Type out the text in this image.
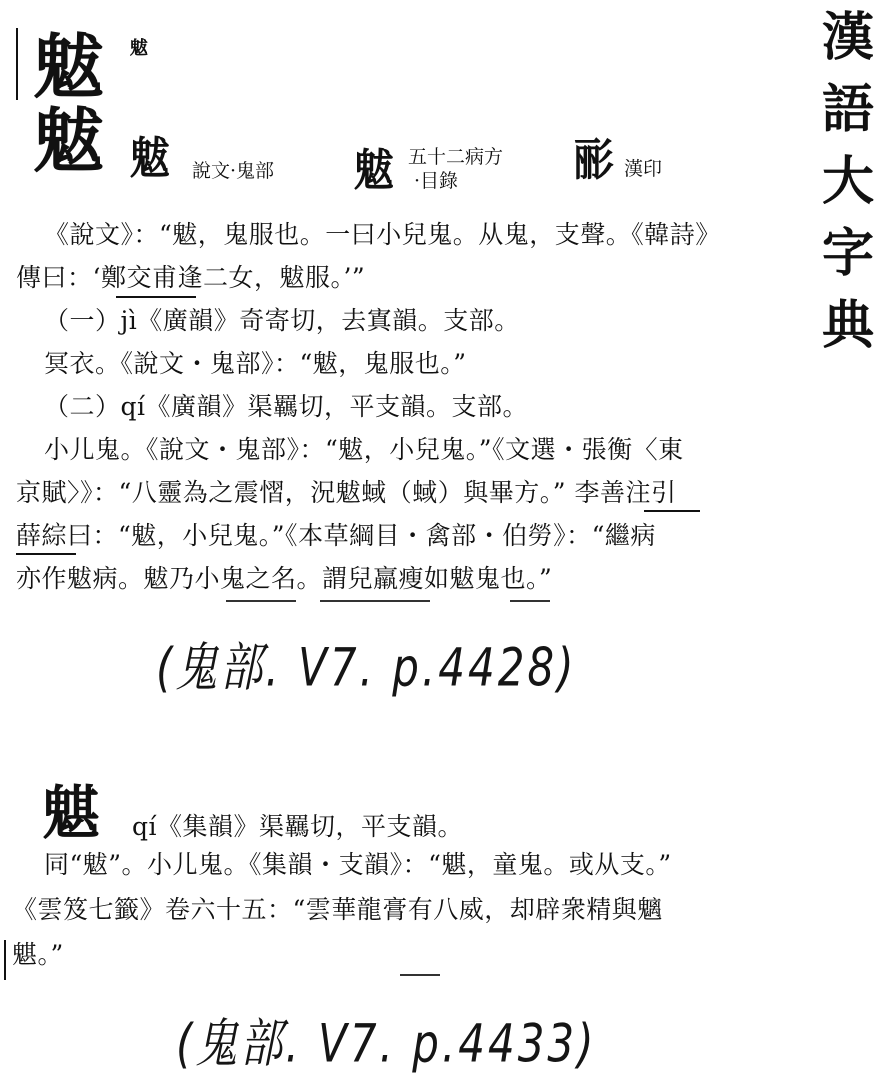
漢
語
大
字
典
魃
魃
魃
魃 說文·鬼部 魃 五十二病方
·目錄	彨 漢印
《說文》：“魃，鬼服也。一曰小兒鬼。从鬼，支聲。《韓詩》
傳曰：‘鄭交甫逢二女，魃服。’”
（一）jì《廣韻》奇寄切，去寘韻。支部。
冥衣。《說文・鬼部》：“魃，鬼服也。”
（二）qí《廣韻》渠羈切，平支韻。支部。
小儿鬼。《說文・鬼部》：“魃，小兒鬼。”《文選・張衡〈東
京賦〉》：“八靈為之震慴，況魃蜮（蜮）與畢方。” 李善注引
薛綜曰：“魃，小兒鬼。”《本草綱目・禽部・伯勞》：“繼病
亦作魃病。魃乃小鬼之名。謂兒羸瘦如魃鬼也。”
(鬼部. V7. p.4428)
魌 qí《集韻》渠羈切，平支韻。
同“魃”。小儿鬼。《集韻・支韻》：“魌，童鬼。或从支。”
《雲笈七籤》卷六十五：“雲華龍膏有八威，却辟衆精與魑
魌。”
(鬼部. V7. p.4433)
